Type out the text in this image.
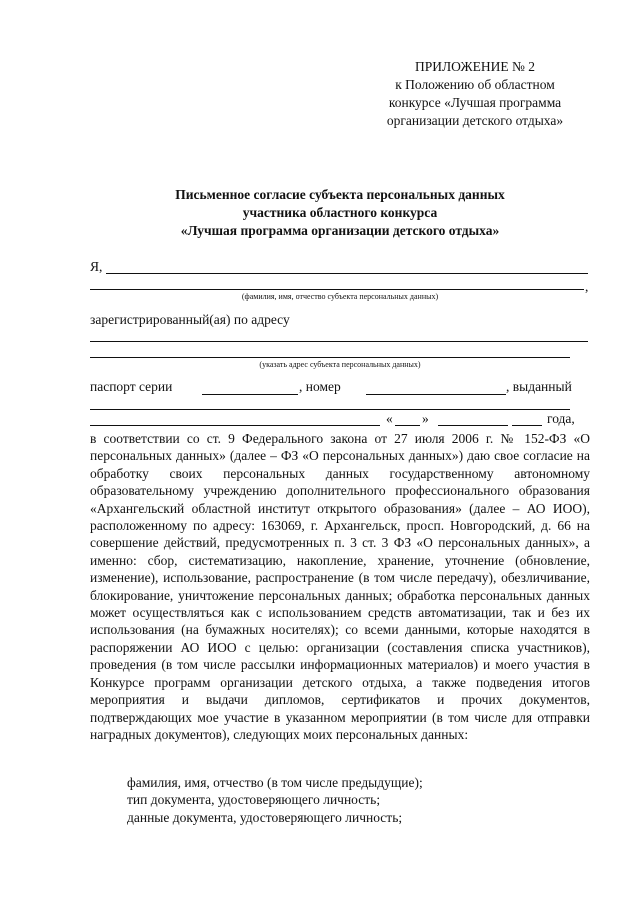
ПРИЛОЖЕНИЕ № 2
к Положению об областном
конкурсе «Лучшая программа
организации детского отдыха»
Письменное согласие субъекта персональных данных
участника областного конкурса
«Лучшая программа организации детского отдыха»
Я,
,
(фамилия, имя, отчество субъекта персональных данных)
зарегистрированный(ая) по адресу
(указать адрес субъекта персональных данных)
паспорт серии	, номер	, выданный
« »	года,

в соответствии со ст. 9 Федерального закона от 27 июля 2006 г. № 152-ФЗ «О персональных данных» (далее – ФЗ «О персональных данных») даю свое согласие на обработку своих персональных данных государственному автономному образовательному учреждению дополнительного профессионального образования «Архангельский областной институт открытого образования» (далее – АО ИОО), расположенному по адресу: 163069, г. Архангельск, просп. Новгородский, д. 66 на совершение действий, предусмотренных п. 3 ст. 3 ФЗ «О персональных данных», а именно: сбор, систематизацию, накопление, хранение, уточнение (обновление, изменение), использование, распространение (в том числе передачу), обезличивание, блокирование, уничтожение персональных данных; обработка персональных данных может осуществляться как с использованием средств автоматизации, так и без их использования (на бумажных носителях); со всеми данными, которые находятся в распоряжении АО ИОО с целью: организации (составления списка участников), проведения (в том числе рассылки информационных материалов) и моего участия в Конкурсе программ организации детского отдыха, а также подведения итогов мероприятия и выдачи дипломов, сертификатов и прочих документов, подтверждающих мое участие в указанном мероприятии (в том числе для отправки наградных документов), следующих моих персональных данных:

фамилия, имя, отчество (в том числе предыдущие);
тип документа, удостоверяющего личность;
данные документа, удостоверяющего личность;
